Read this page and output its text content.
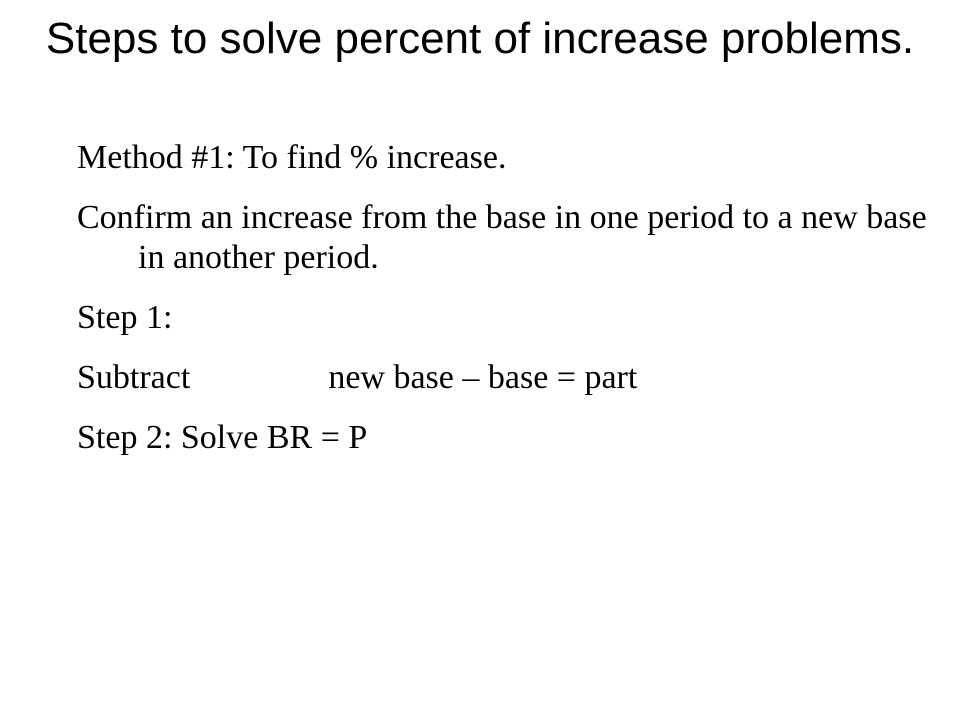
Steps to solve percent of increase problems.

Method #1: To find % increase.

Confirm an increase from the base in one period to a new base in another period.

Step 1:

Subtract	new base – base = part

Step 2: Solve BR = P
